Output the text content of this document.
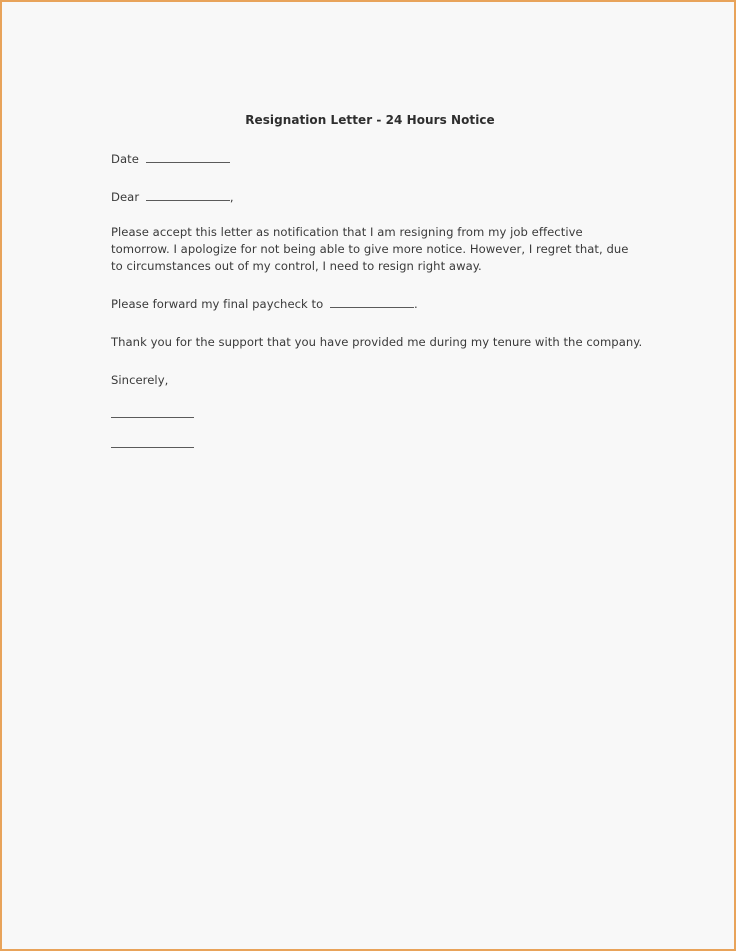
Resignation Letter - 24 Hours Notice
Date
Dear	,
Please accept this letter as notification that I am resigning from my job effective tomorrow. I apologize for not being able to give more notice. However, I regret that, due to circumstances out of my control, I need to resign right away.
Please forward my final paycheck to	.
Thank you for the support that you have provided me during my tenure with the company.
Sincerely,
